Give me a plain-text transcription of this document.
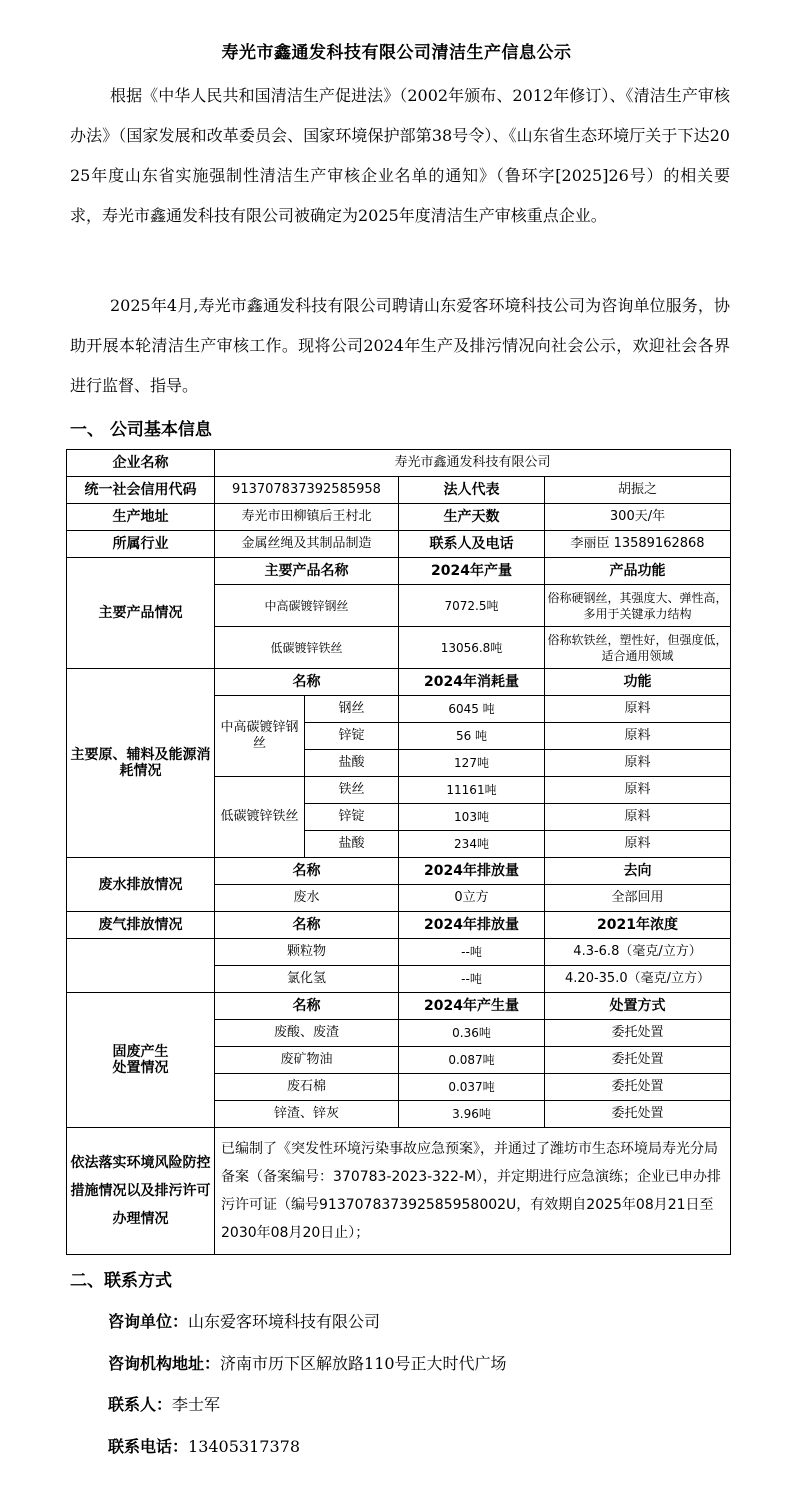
寿光市鑫通发科技有限公司清洁生产信息公示

根据《中华人民共和国清洁生产促进法》（2002年颁布、2012年修订）、《清洁生产审核办法》（国家发展和改革委员会、国家环境保护部第38号令）、《山东省生态环境厅关于下达2025年度山东省实施强制性清洁生产审核企业名单的通知》（鲁环字[2025]26号）的相关要求，寿光市鑫通发科技有限公司被确定为2025年度清洁生产审核重点企业。

2025年4月,寿光市鑫通发科技有限公司聘请山东爱客环境科技公司为咨询单位服务，协助开展本轮清洁生产审核工作。现将公司2024年生产及排污情况向社会公示，欢迎社会各界进行监督、指导。

一、 公司基本信息
企业名称	寿光市鑫通发科技有限公司			
统一社会信用代码	913707837392585958		法人代表	胡振之
生产地址	寿光市田柳镇后王村北		生产天数	300天/年
所属行业	金属丝绳及其制品制造		联系人及电话	李丽臣 13589162868
主要产品情况	主要产品名称		2024年产量	产品功能
	中高碳镀锌钢丝		7072.5吨	俗称硬钢丝，其强度大、弹性高，多用于关键承力结构
	低碳镀锌铁丝		13056.8吨	俗称软铁丝，塑性好，但强度低，适合通用领域
主要原、辅料及能源消耗情况	名称		2024年消耗量	功能
	中高碳镀锌钢丝	钢丝	6045 吨	原料
		锌锭	56 吨	原料
		盐酸	127吨	原料
	低碳镀锌铁丝	铁丝	11161吨	原料
		锌锭	103吨	原料
		盐酸	234吨	原料
废水排放情况	名称		2024年排放量	去向
	废水		0立方	全部回用
废气排放情况	名称		2024年排放量	2021年浓度
	颗粒物		--吨	4.3-6.8（毫克/立方）
	氯化氢		--吨	4.20-35.0（毫克/立方）
固废产生
处置情况	名称		2024年产生量	处置方式
	废酸、废渣		0.36吨	委托处置
	废矿物油		0.087吨	委托处置
	废石棉		0.037吨	委托处置
	锌渣、锌灰		3.96吨	委托处置
依法落实环境风险防控措施情况以及排污许可办理情况	已编制了《突发性环境污染事故应急预案》，并通过了潍坊市生态环境局寿光分局备案（备案编号：370783-2023-322-M），并定期进行应急演练；企业已申办排污许可证（编号913707837392585958002U，有效期自2025年08月21日至2030年08月20日止）；			
二、联系方式
咨询单位：山东爱客环境科技有限公司
咨询机构地址：济南市历下区解放路110号正大时代广场
联系人：李士军
联系电话：13405317378
